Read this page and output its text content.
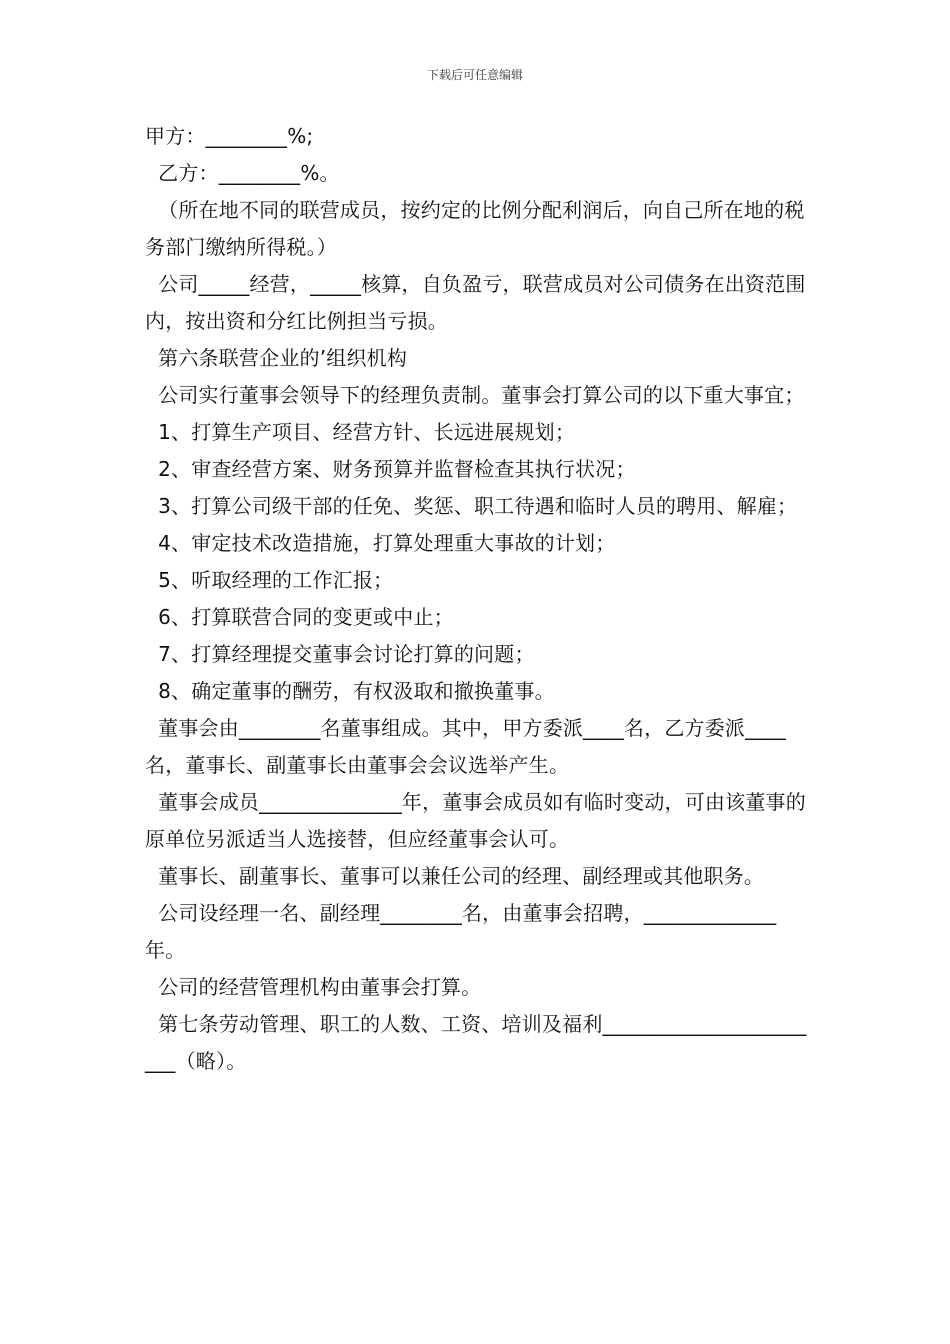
下载后可任意编辑

甲方：________%;

乙方：________%。

（所在地不同的联营成员，按约定的比例分配利润后，向自己所在地的税务部门缴纳所得税。）

公司_____经营，_____核算，自负盈亏，联营成员对公司债务在出资范围内，按出资和分红比例担当亏损。

第六条联营企业的’组织机构

公司实行董事会领导下的经理负责制。董事会打算公司的以下重大事宜；

1、打算生产项目、经营方针、长远进展规划；

2、审查经营方案、财务预算并监督检查其执行状况；

3、打算公司级干部的任免、奖惩、职工待遇和临时人员的聘用、解雇；

4、审定技术改造措施，打算处理重大事故的计划；

5、听取经理的工作汇报；

6、打算联营合同的变更或中止；

7、打算经理提交董事会讨论打算的问题；

8、确定董事的酬劳，有权汲取和撤换董事。

董事会由________名董事组成。其中，甲方委派____名，乙方委派____名，董事长、副董事长由董事会会议选举产生。

董事会成员______________年，董事会成员如有临时变动，可由该董事的原单位另派适当人选接替，但应经董事会认可。

董事长、副董事长、董事可以兼任公司的经理、副经理或其他职务。

公司设经理一名、副经理________名，由董事会招聘，_____________年。

公司的经营管理机构由董事会打算。

第七条劳动管理、职工的人数、工资、培训及福利_______________________（略）。
